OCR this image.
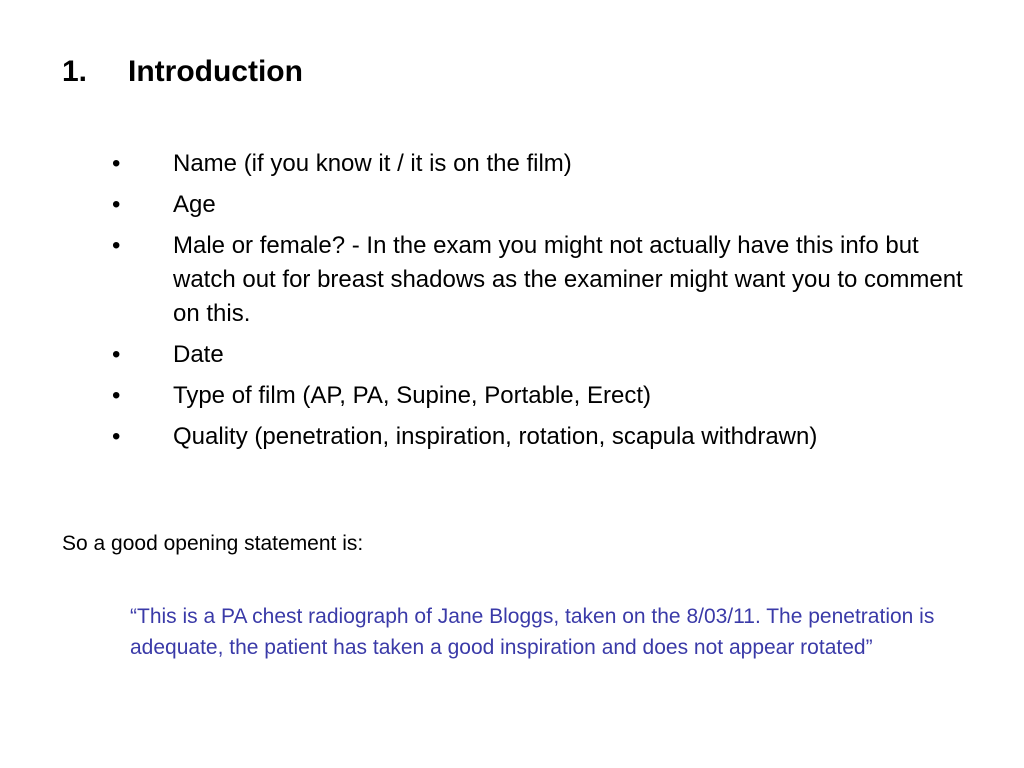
1. Introduction
•	Name (if you know it / it is on the film)
•	Age
•	Male or female? - In the exam you might not actually have this info but watch out for breast shadows as the examiner might want you to comment on this.
•	Date
•	Type of film (AP, PA, Supine, Portable, Erect)
•	Quality (penetration, inspiration, rotation, scapula withdrawn)
So a good opening statement is:
“This is a PA chest radiograph of Jane Bloggs, taken on the 8/03/11. The penetration is adequate, the patient has taken a good inspiration and does not appear rotated”
